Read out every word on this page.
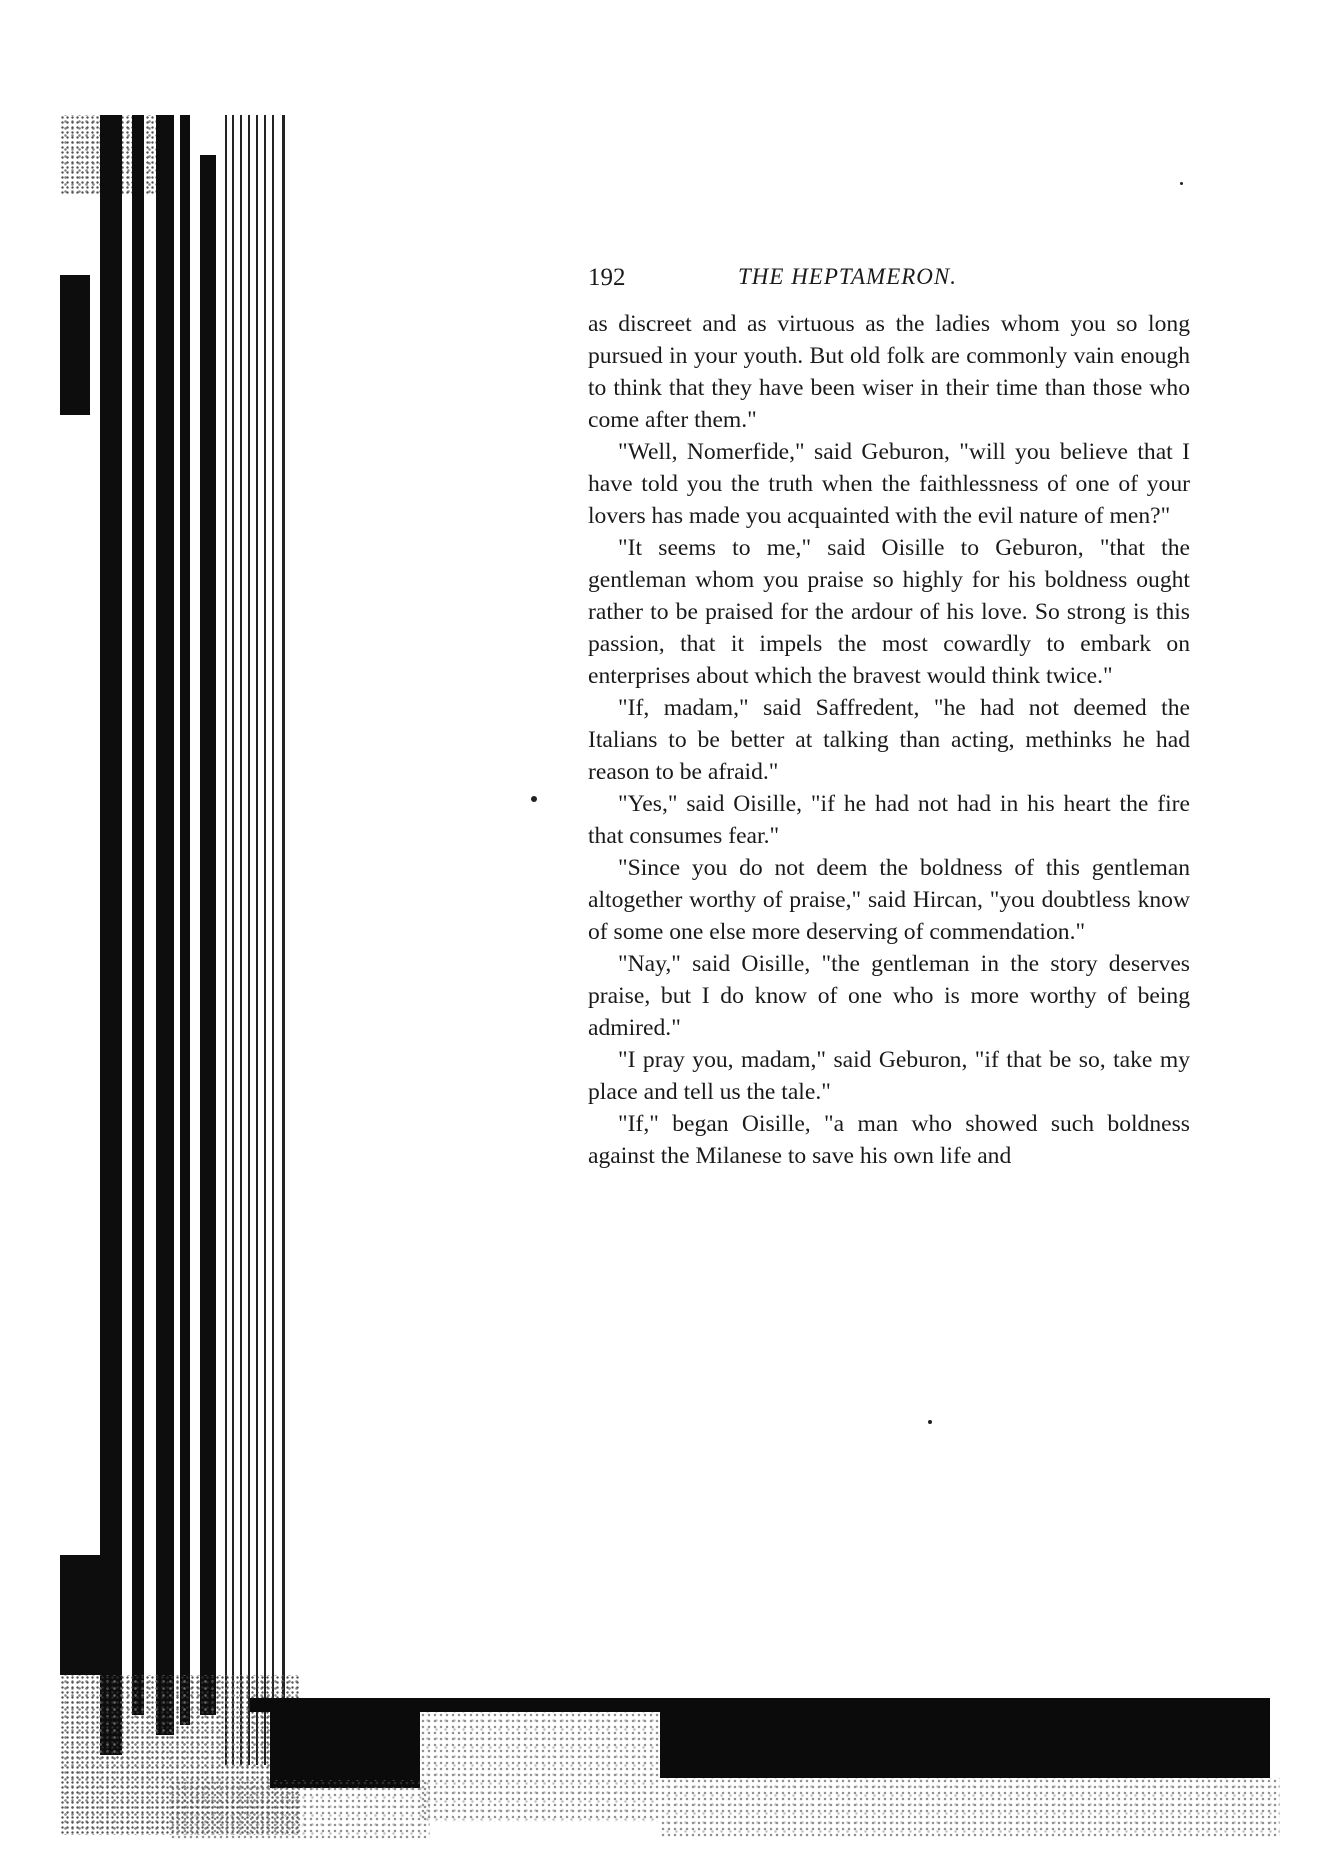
192	THE HEPTAMERON.

as discreet and as virtuous as the ladies whom you so long pursued in your youth. But old folk are commonly vain enough to think that they have been wiser in their time than those who come after them."

"Well, Nomerfide," said Geburon, "will you believe that I have told you the truth when the faithlessness of one of your lovers has made you acquainted with the evil nature of men?"

"It seems to me," said Oisille to Geburon, "that the gentleman whom you praise so highly for his boldness ought rather to be praised for the ardour of his love. So strong is this passion, that it impels the most cowardly to embark on enterprises about which the bravest would think twice."

"If, madam," said Saffredent, "he had not deemed the Italians to be better at talking than acting, methinks he had reason to be afraid."

"Yes," said Oisille, "if he had not had in his heart the fire that consumes fear."

"Since you do not deem the boldness of this gentleman altogether worthy of praise," said Hircan, "you doubtless know of some one else more deserving of commendation."

"Nay," said Oisille, "the gentleman in the story deserves praise, but I do know of one who is more worthy of being admired."

"I pray you, madam," said Geburon, "if that be so, take my place and tell us the tale."

"If," began Oisille, "a man who showed such boldness against the Milanese to save his own life and
